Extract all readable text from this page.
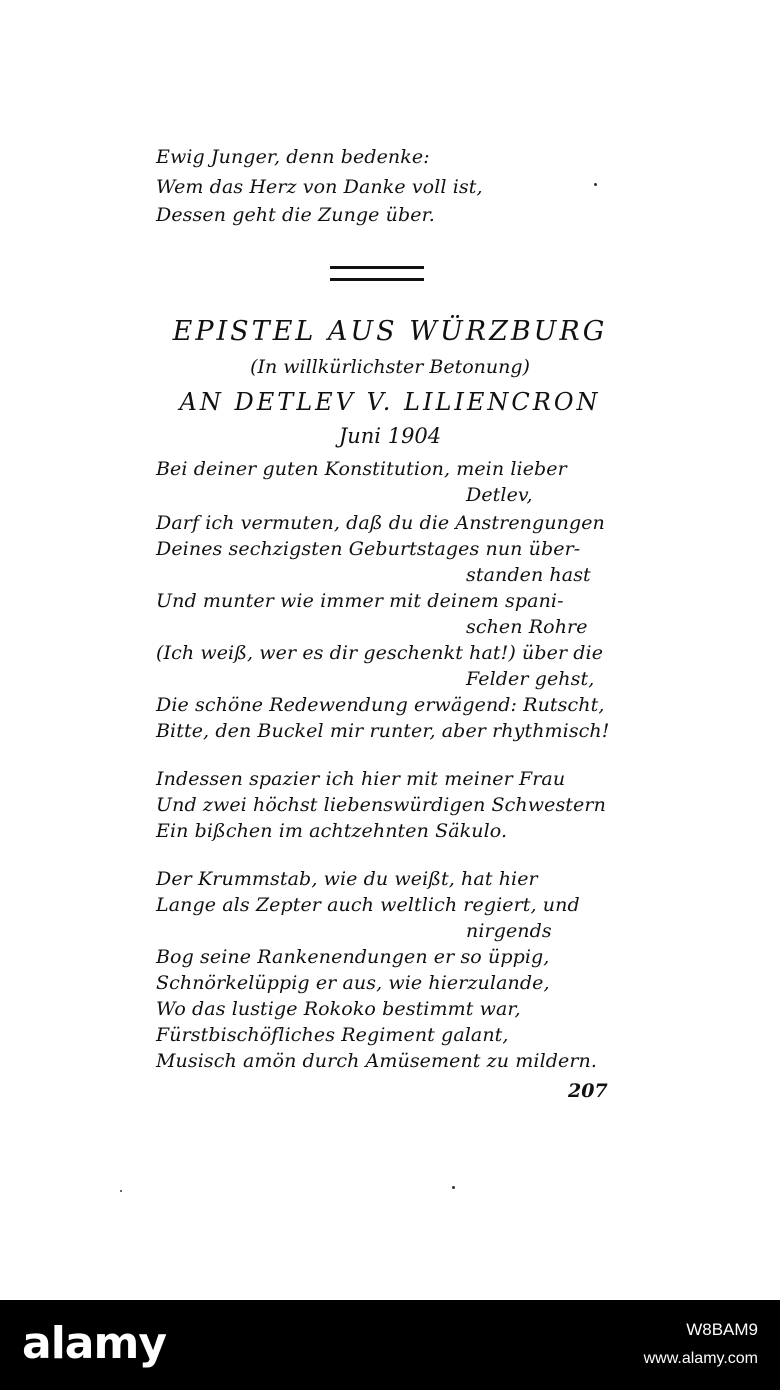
Ewig Junger, denn bedenke:
Wem das Herz von Danke voll ist,
Dessen geht die Zunge über.
EPISTEL AUS WÜRZBURG
(In willkürlichster Betonung)
AN DETLEV V. LILIENCRON
Juni 1904
Bei deiner guten Konstitution, mein lieber
Detlev,
Darf ich vermuten, daß du die Anstrengungen
Deines sechzigsten Geburtstages nun über-
standen hast
Und munter wie immer mit deinem spani-
schen Rohre
(Ich weiß, wer es dir geschenkt hat!) über die
Felder gehst,
Die schöne Redewendung erwägend: Rutscht,
Bitte, den Buckel mir runter, aber rhythmisch!
Indessen spazier ich hier mit meiner Frau
Und zwei höchst liebenswürdigen Schwestern
Ein bißchen im achtzehnten Säkulo.
Der Krummstab, wie du weißt, hat hier
Lange als Zepter auch weltlich regiert, und
nirgends
Bog seine Rankenendungen er so üppig,
Schnörkelüppig er aus, wie hierzulande,
Wo das lustige Rokoko bestimmt war,
Fürstbischöfliches Regiment galant,
Musisch amön durch Amüsement zu mildern.
207
alamy	W8BAM9
www.alamy.com
